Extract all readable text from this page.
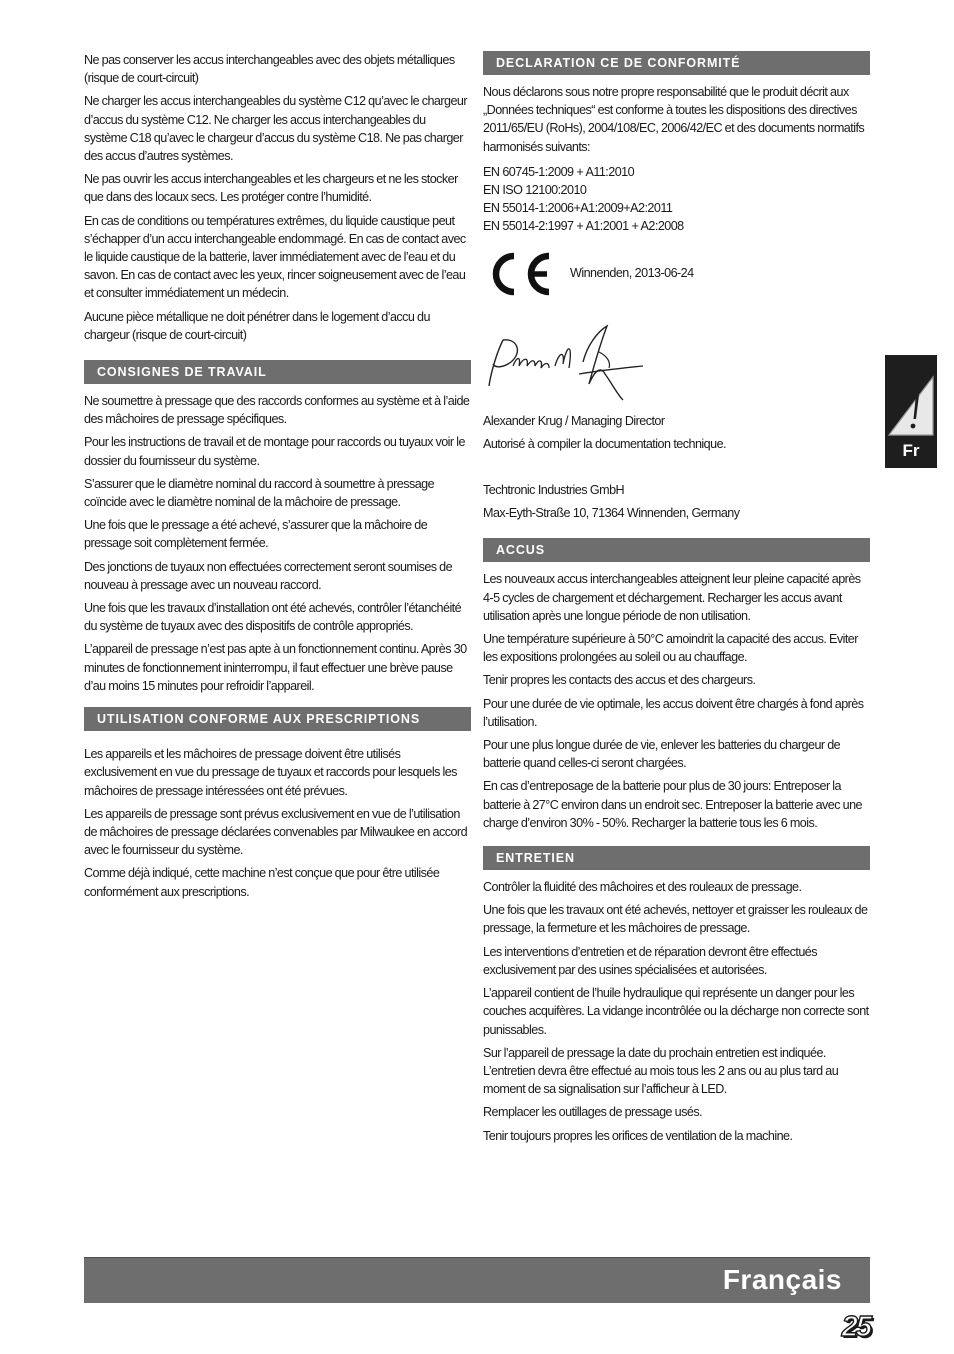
Ne pas conserver les accus interchangeables avec des objets métalliques (risque de court-circuit)

Ne charger les accus interchangeables du système C12 qu’avec le chargeur d’accus du système C12. Ne charger les accus interchangeables du système C18 qu’avec le chargeur d’accus du système C18. Ne pas charger des accus d’autres systèmes.

Ne pas ouvrir les accus interchangeables et les chargeurs et ne les stocker que dans des locaux secs. Les protéger contre l’humidité.

En cas de conditions ou températures extrêmes, du liquide caustique peut s’échapper d’un accu interchangeable endommagé. En cas de contact avec le liquide caustique de la batterie, laver immédiatement avec de l’eau et du savon. En cas de contact avec les yeux, rincer soigneusement avec de l’eau et consulter immédiatement un médecin.

Aucune pièce métallique ne doit pénétrer dans le logement d’accu du chargeur (risque de court-circuit)

CONSIGNES DE TRAVAIL

Ne soumettre à pressage que des raccords conformes au système et à l’aide des mâchoires de pressage spécifiques.

Pour les instructions de travail et de montage pour raccords ou tuyaux voir le dossier du fournisseur du système.

S’assurer que le diamètre nominal du raccord à soumettre à pressage coïncide avec le diamètre nominal de la mâchoire de pressage.

Une fois que le pressage a été achevé, s’assurer que la mâchoire de pressage soit complètement fermée.

Des jonctions de tuyaux non effectuées correctement seront soumises de nouveau à pressage avec un nouveau raccord.

Une fois que les travaux d’installation ont été achevés, contrôler l’étanchéité du système de tuyaux avec des dispositifs de contrôle appropriés.

L’appareil de pressage n’est pas apte à un fonctionnement continu. Après 30 minutes de fonctionnement ininterrompu, il faut effectuer une brève pause d’au moins 15 minutes pour refroidir l’appareil.

UTILISATION CONFORME AUX PRESCRIPTIONS

Les appareils et les mâchoires de pressage doivent être utilisés exclusivement en vue du pressage de tuyaux et raccords pour lesquels les mâchoires de pressage intéressées ont été prévues.

Les appareils de pressage sont prévus exclusivement en vue de l’utilisation de mâchoires de pressage déclarées convenables par Milwaukee en accord avec le fournisseur du système.

Comme déjà indiqué, cette machine n’est conçue que pour être utilisée conformément aux prescriptions.

DECLARATION CE DE CONFORMITÉ

Nous déclarons sous notre propre responsabilité que le produit décrit aux „Données techniques“ est conforme à toutes les dispositions des directives 2011/65/EU (RoHs), 2004/108/EC, 2006/42/EC et des documents normatifs harmonisés suivants:

EN 60745-1:2009 + A11:2010
EN ISO 12100:2010
EN 55014-1:2006+A1:2009+A2:2011
EN 55014-2:1997 + A1:2001 + A2:2008
Winnenden, 2013-06-24
Alexander Krug / Managing Director
Autorisé à compiler la documentation technique.
Techtronic Industries GmbH
Max-Eyth-Straße 10, 71364 Winnenden, Germany
ACCUS

Les nouveaux accus interchangeables atteignent leur pleine capacité après 4-5 cycles de chargement et déchargement. Recharger les accus avant utilisation après une longue période de non utilisation.

Une température supérieure à 50°C amoindrit la capacité des accus. Eviter les expositions prolongées au soleil ou au chauffage.

Tenir propres les contacts des accus et des chargeurs.

Pour une durée de vie optimale, les accus doivent être chargés à fond après l’utilisation.

Pour une plus longue durée de vie, enlever les batteries du chargeur de batterie quand celles-ci seront chargées.

En cas d’entreposage de la batterie pour plus de 30 jours: Entreposer la batterie à 27°C environ dans un endroit sec. Entreposer la batterie avec une charge d’environ 30% - 50%. Recharger la batterie tous les 6 mois.

ENTRETIEN

Contrôler la fluidité des mâchoires et des rouleaux de pressage.

Une fois que les travaux ont été achevés, nettoyer et graisser les rouleaux de pressage, la fermeture et les mâchoires de pressage.

Les interventions d’entretien et de réparation devront être effectués exclusivement par des usines spécialisées et autorisées.

L’appareil contient de l’huile hydraulique qui représente un danger pour les couches acquifères. La vidange incontrôlée ou la décharge non correcte sont punissables.

Sur l’appareil de pressage la date du prochain entretien est indiquée. L’entretien devra être effectué au mois tous les 2 ans ou au plus tard au moment de sa signalisation sur l’afficheur à LED.

Remplacer les outillages de pressage usés.

Tenir toujours propres les orifices de ventilation de la machine.

Fr
Français
25
